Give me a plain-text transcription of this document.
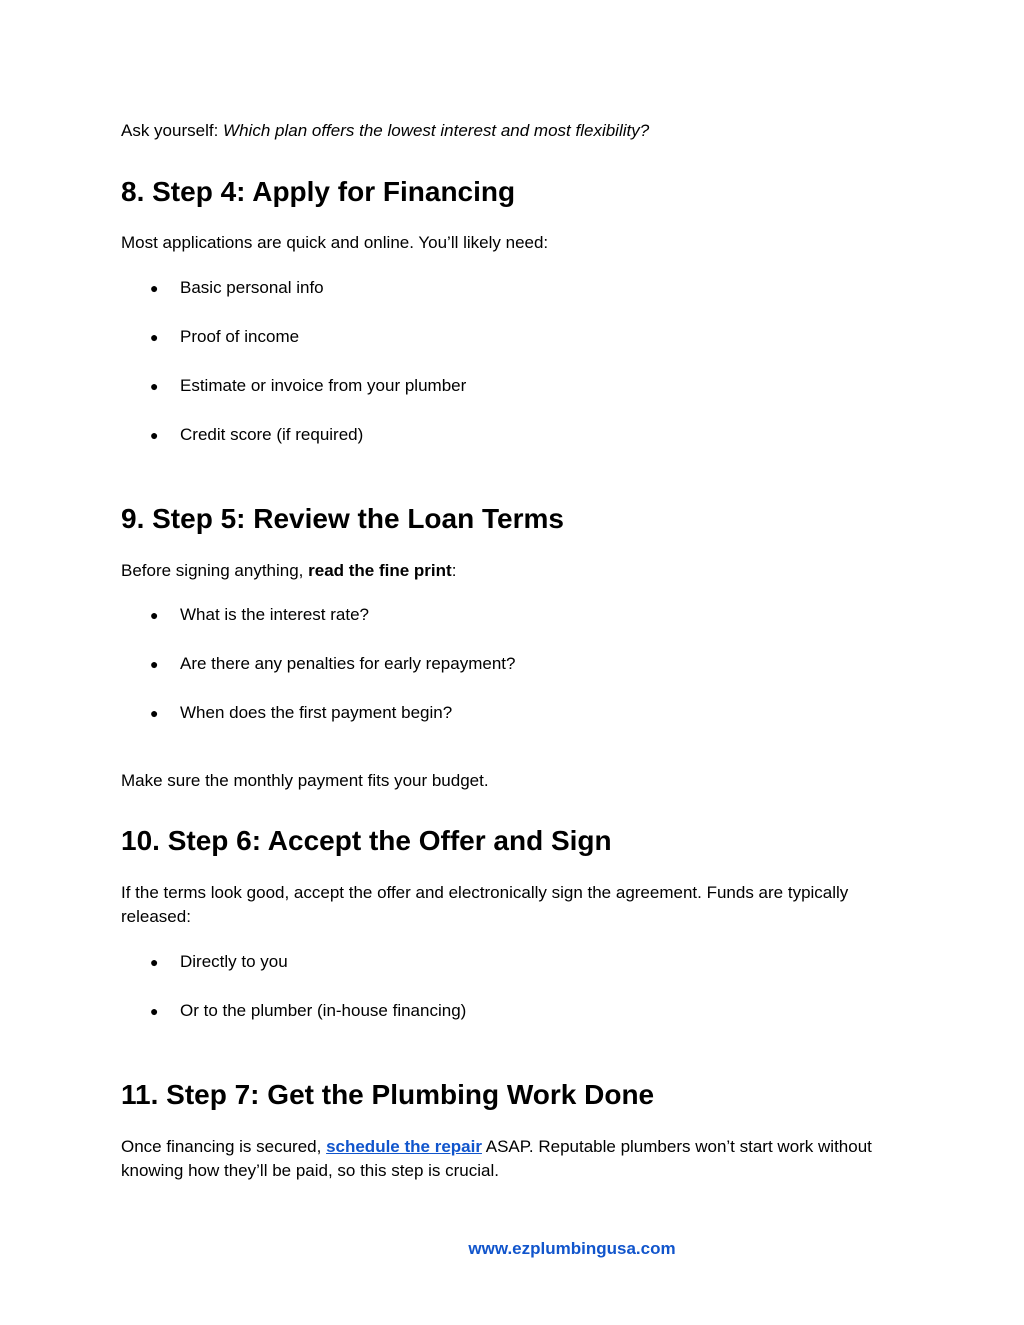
Ask yourself: Which plan offers the lowest interest and most flexibility?
8. Step 4: Apply for Financing
Most applications are quick and online. You’ll likely need:
● Basic personal info
● Proof of income
● Estimate or invoice from your plumber
● Credit score (if required)
9. Step 5: Review the Loan Terms
Before signing anything, read the fine print:
● What is the interest rate?
● Are there any penalties for early repayment?
● When does the first payment begin?
Make sure the monthly payment fits your budget.
10. Step 6: Accept the Offer and Sign
If the terms look good, accept the offer and electronically sign the agreement. Funds are typically released:
● Directly to you
● Or to the plumber (in-house financing)
11. Step 7: Get the Plumbing Work Done
Once financing is secured, schedule the repair ASAP. Reputable plumbers won’t start work without knowing how they’ll be paid, so this step is crucial.
www.ezplumbingusa.com
